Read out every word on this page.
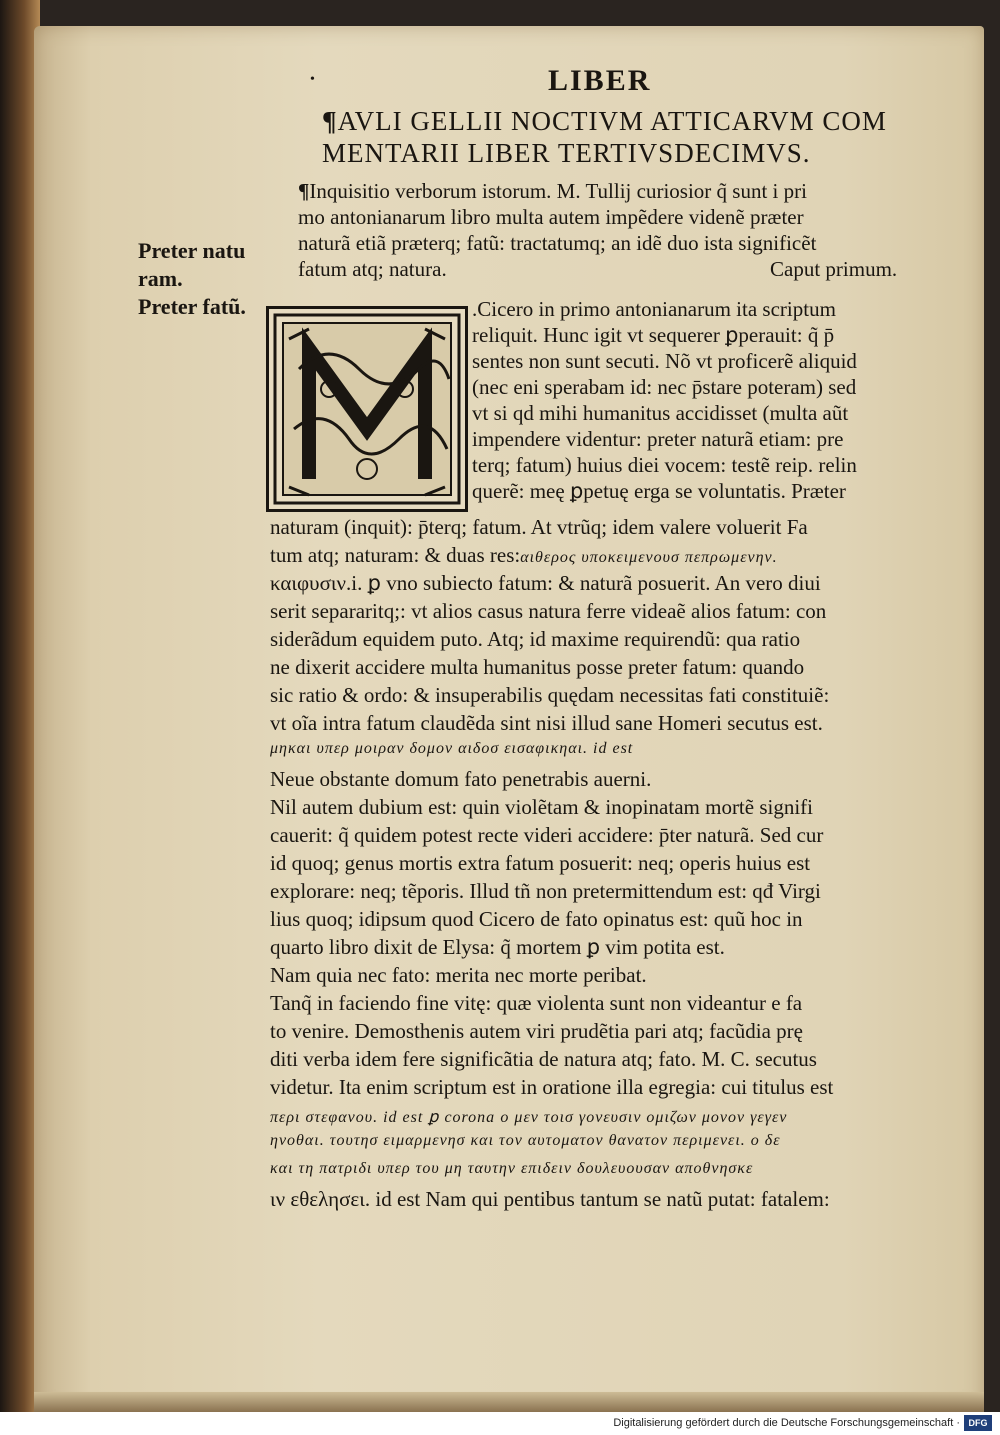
•	LIBER
¶AVLI GELLII NOCTIVM ATTICARVM COM
MENTARII LIBER TERTIVSDECIMVS.
¶Inquisitio verborum istorum. M. Tullij curiosior q̃ sunt i pri
mo antonianarum libro multa autem impẽdere videnẽ præter
naturã etiã præterq; fatũ: tractatumq; an idẽ duo ista significẽt
fatum atq; natura.	Caput primum.
Preter natu
ram.
Preter fatũ.	.Cicero in primo antonianarum ita scriptum
reliquit. Hunc igit vt sequerer ꝑperauit: q̃ p̄
sentes non sunt secuti. Nõ vt proficerẽ aliquid
(nec eni sperabam id: nec p̄stare poteram) sed
vt si qd mihi humanitus accidisset (multa aũt
impendere videntur: preter naturã etiam: pre
terq; fatum) huius diei vocem: testẽ reip. relin
querẽ: meę ꝑpetuę erga se voluntatis. Præter
naturam (inquit): p̄terq; fatum. At vtrũq; idem valere voluerit Fa
tum atq; naturam: & duas res:αιθερος υποκειμενουσ πεπρωμενην.
καιφυσιν.i. ꝑ vno subiecto fatum: & naturã posuerit. An vero diui
serit separaritq;: vt alios casus natura ferre videaẽ alios fatum: con
siderãdum equidem puto. Atq; id maxime requirendũ: qua ratio
ne dixerit accidere multa humanitus posse preter fatum: quando
sic ratio & ordo: & insuperabilis quędam necessitas fati constituiẽ:
vt oĩa intra fatum claudẽda sint nisi illud sane Homeri secutus est.
μηκαι υπερ μοιραν δομον αιδοσ εισαφικηαι. id est
Neue obstante domum fato penetrabis auerni.
Nil autem dubium est: quin violẽtam & inopinatam mortẽ signifi
cauerit: q̃ quidem potest recte videri accidere: p̄ter naturã. Sed cur
id quoq; genus mortis extra fatum posuerit: neq; operis huius est
explorare: neq; tẽporis. Illud tñ non pretermittendum est: qđ Virgi
lius quoq; idipsum quod Cicero de fato opinatus est: quũ hoc in
quarto libro dixit de Elysa: q̃ mortem ꝑ vim potita est.
Nam quia nec fato: merita nec morte peribat.
Tanq̃ in faciendo fine vitę: quæ violenta sunt non videantur e fa
to venire. Demosthenis autem viri prudẽtia pari atq; facũdia prę
diti verba idem fere significãtia de natura atq; fato. M. C. secutus
videtur. Ita enim scriptum est in oratione illa egregia: cui titulus est
περι στεφανου. id est ꝑ corona ο μεν τοισ γονευσιν ομιζων μονον γεγεν
ηνοθαι. τουτησ ειμαρμενησ και τον αυτοματον θανατον περιμενει. ο δε
και τη πατριδι υπερ του μη ταυτην επιδειν δουλευουσαν αποθνησκε
ιν εθελησει. id est Nam qui pentibus tantum se natũ putat: fatalem:
Digitalisierung gefördert durch die Deutsche Forschungsgemeinschaft · DFG
